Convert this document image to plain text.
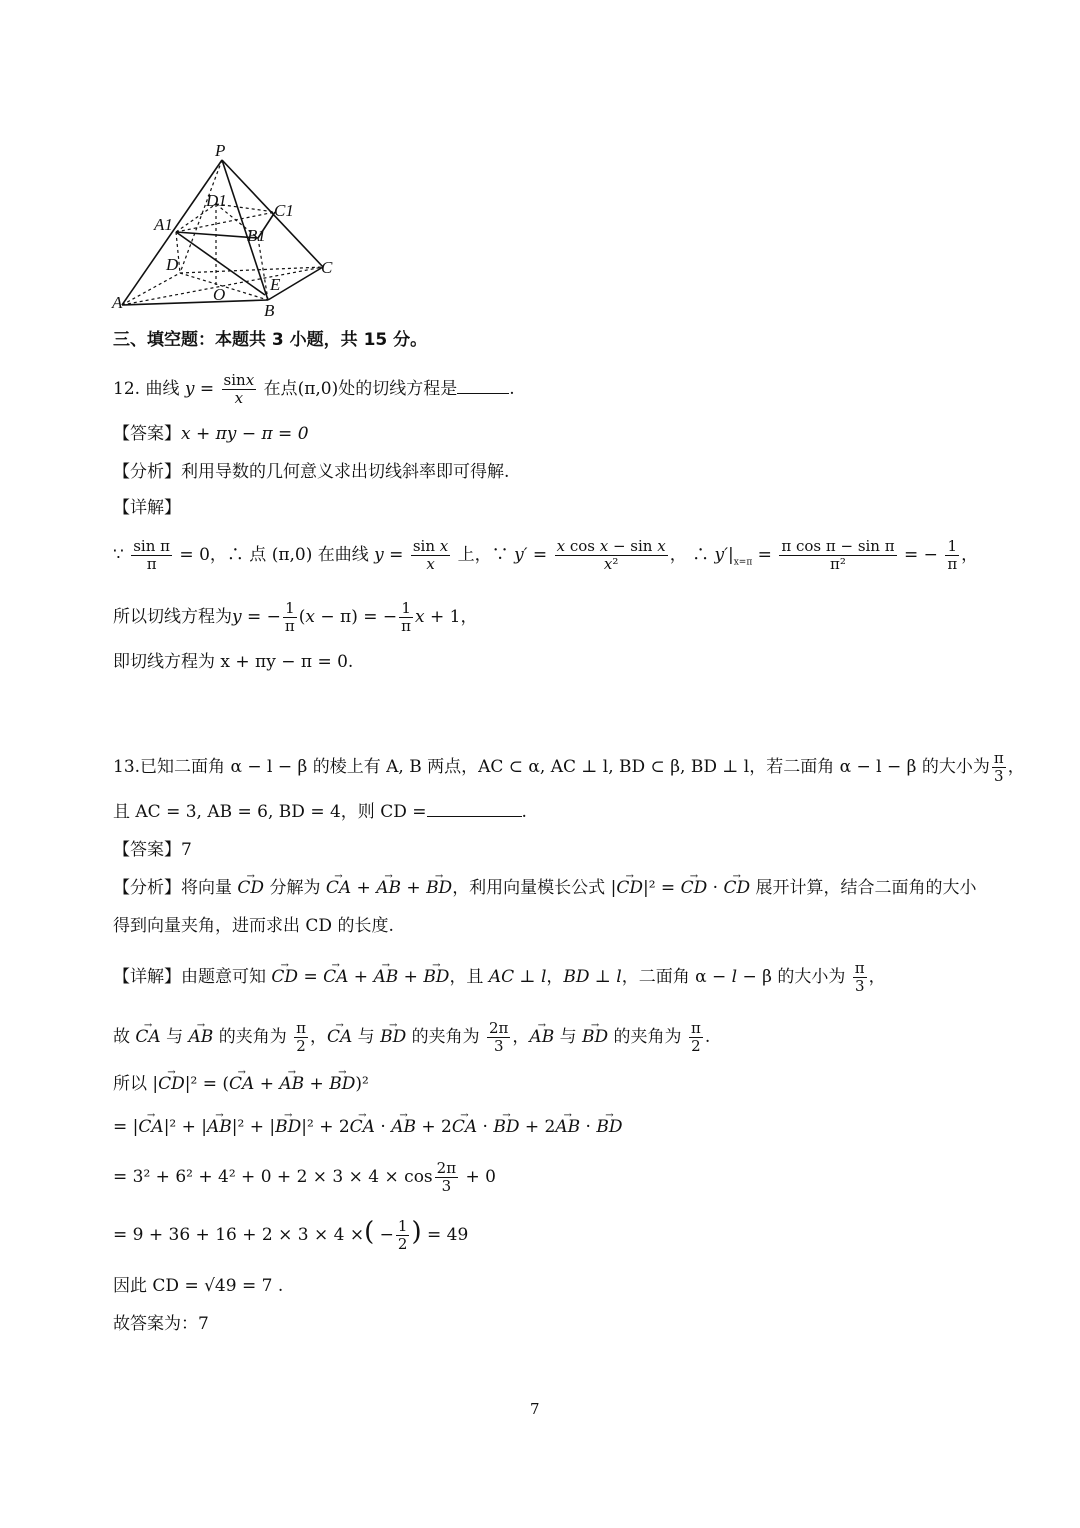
P
D1
C1
A1
B1
D	C
A	O
E
B
三、填空题：本题共 3 小题，共 15 分。
12. 曲线 $y = \frac{\sin x}{x}$ 在点(π,0)处的切线方程是	.
【答案】x + πy − π = 0
【分析】利用导数的几何意义求出切线斜率即可得解.
【详解】
∵ $\frac{\text{sin π}}{\pi} = 0$，∴ 点 (π,0) 在曲线 $y = \frac{\text{sin x}}{x}$ 上，∵ $y' = \frac{\text{x cos x − sin x}}{\text{x²}}$ ， ∴ $y'|_{x=\pi} = \frac{\text{π cos π − sin π}}{\text{π²}}$ = − $\frac{1}{\pi}$ ，
所以切线方程为y = − $\frac{1}{\pi} (x - \pi)$ = − $\frac{1}{\pi}$ x + 1，
即切线方程为 x + πy − π = 0.
13.已知二面角 α − l − β 的棱上有 A, B 两点，AC ⊂ α, AC ⊥ l, BD ⊂ β, BD ⊥ l，若二面角 α − l − β 的大小为 $\frac{\pi}{3}$ ，
且 AC = 3, AB = 6, BD = 4，则 CD =	.
【答案】7
【分析】将向量 → CD 分解为 → CA + → AB + → BD，利用向量模长公式 |→ CD|² = → CD · → CD 展开计算，结合二面角的大小
得到向量夹角，进而求出 CD 的长度.
【详解】由题意可知 → CD = → CA + → AB + → BD，且 AC ⊥ l，BD ⊥ l，二面角 α − l − β 的大小为 $\frac{\pi}{3}$ ，
故 → CA 与 → AB 的夹角为 $\frac{\pi}{2}$ ，→ CA 与 → BD 的夹角为 $\frac{2\pi}{3}$ ，→ AB 与 → BD 的夹角为 $\frac{\pi}{2}$ .
所以 |→ CD|² = (→ CA + → AB + → BD)²
= |→ CA|² + |→ AB|² + |→ BD|² + 2→ CA · → AB + 2→ CA · → BD + 2→ AB · → BD
= $3^2 + 6^2 + 4^2 + 0 + 2 \times 3 \times 4 \times \cos \frac{2\pi}{3} + 0$
= 9 + 36 + 16 + 2 × 3 × 4 ×( − $\frac{1}{2}$ ) = 49
因此 CD = √49 = 7 .
故答案为：7
7
